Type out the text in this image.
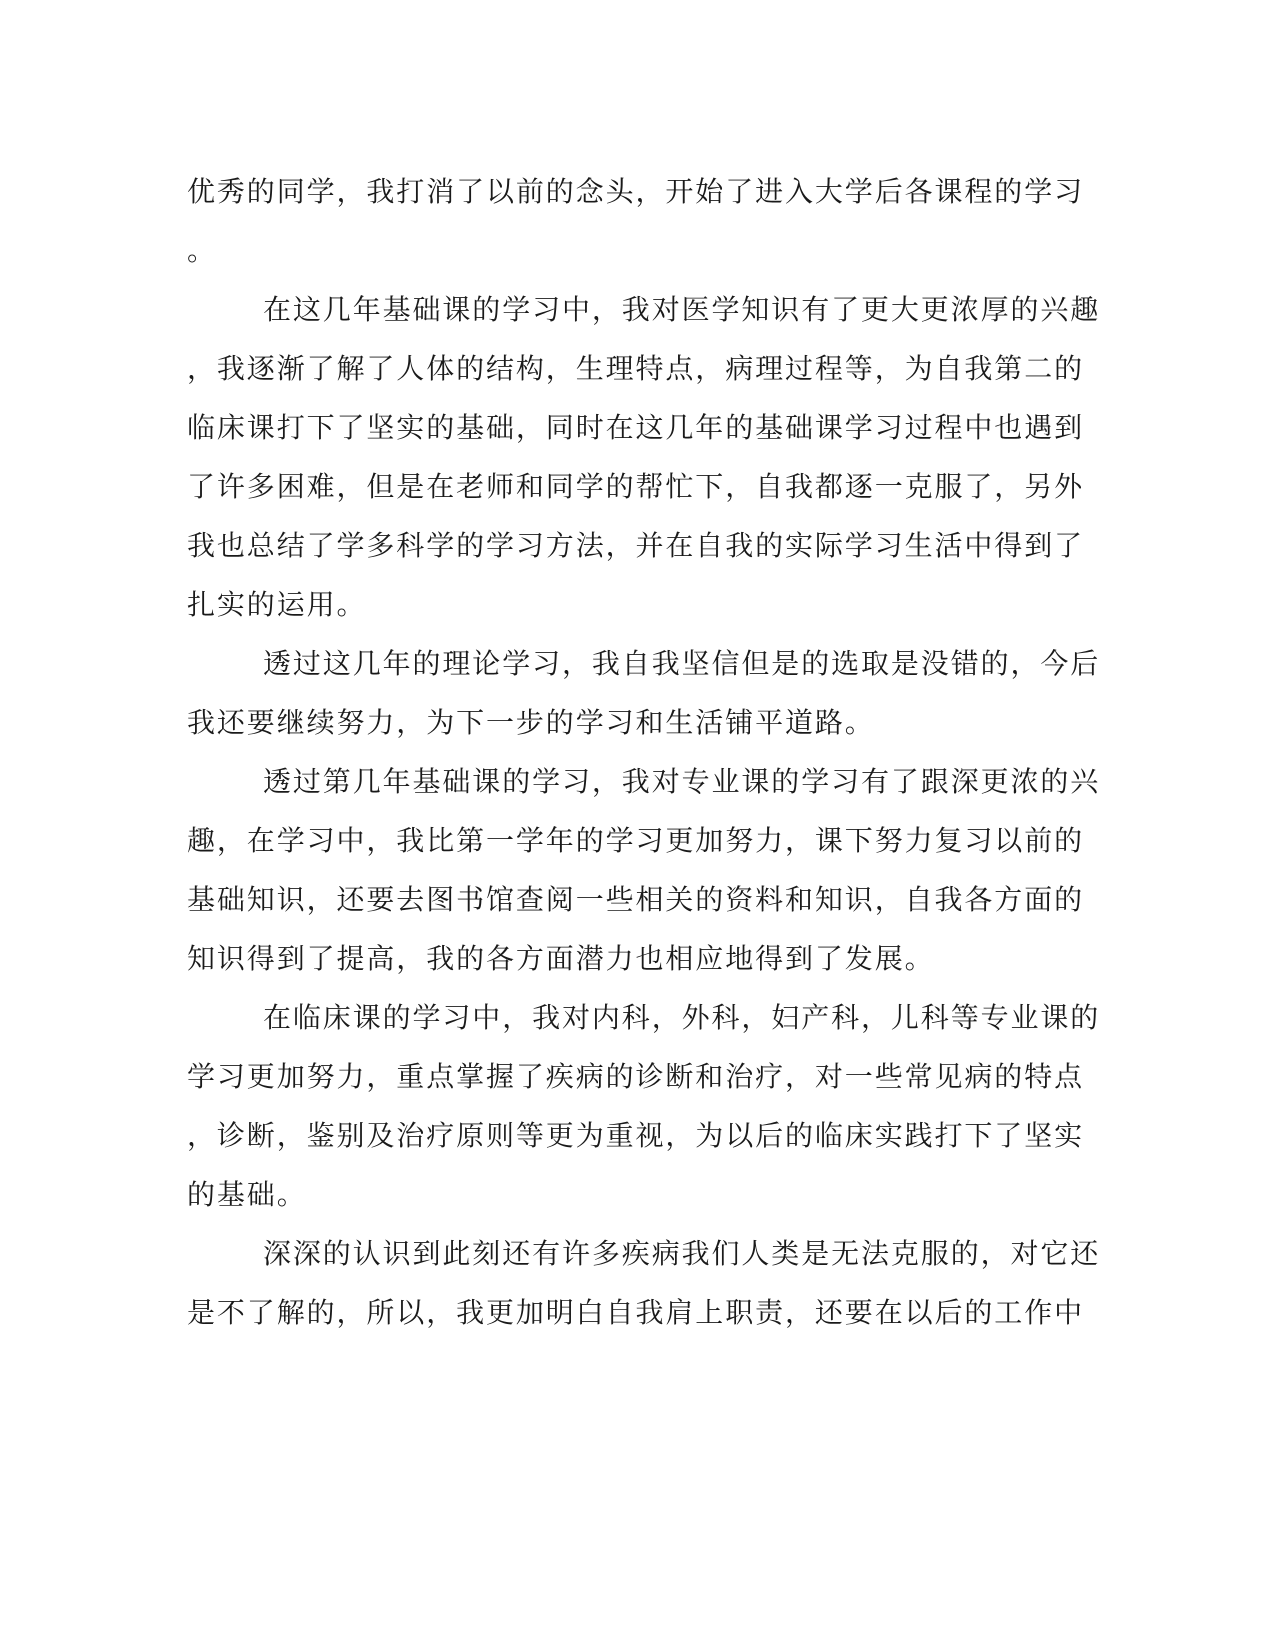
优秀的同学，我打消了以前的念头，开始了进入大学后各课程的学习
。
在这几年基础课的学习中，我对医学知识有了更大更浓厚的兴趣
，我逐渐了解了人体的结构，生理特点，病理过程等，为自我第二的
临床课打下了坚实的基础，同时在这几年的基础课学习过程中也遇到
了许多困难，但是在老师和同学的帮忙下，自我都逐一克服了，另外
我也总结了学多科学的学习方法，并在自我的实际学习生活中得到了
扎实的运用。
透过这几年的理论学习，我自我坚信但是的选取是没错的，今后
我还要继续努力，为下一步的学习和生活铺平道路。
透过第几年基础课的学习，我对专业课的学习有了跟深更浓的兴
趣，在学习中，我比第一学年的学习更加努力，课下努力复习以前的
基础知识，还要去图书馆查阅一些相关的资料和知识，自我各方面的
知识得到了提高，我的各方面潜力也相应地得到了发展。
在临床课的学习中，我对内科，外科，妇产科，儿科等专业课的
学习更加努力，重点掌握了疾病的诊断和治疗，对一些常见病的特点
，诊断，鉴别及治疗原则等更为重视，为以后的临床实践打下了坚实
的基础。
深深的认识到此刻还有许多疾病我们人类是无法克服的，对它还
是不了解的，所以，我更加明白自我肩上职责，还要在以后的工作中
